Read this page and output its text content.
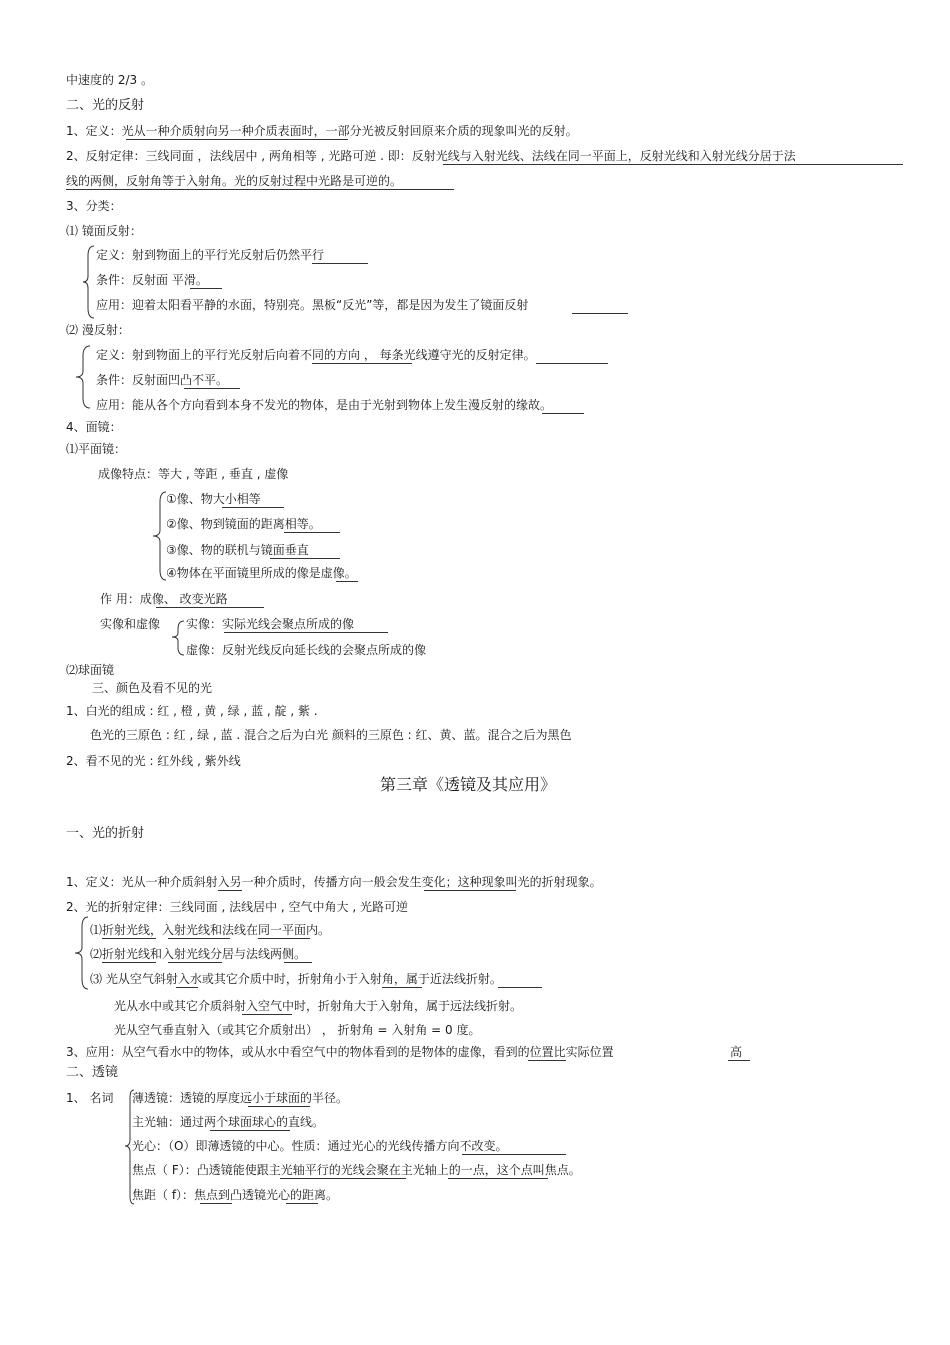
中速度的 2/3 。
二、光的反射
1、定义：光从一种介质射向另一种介质表面时，一部分光被反射回原来介质的现象叫光的反射。
2、反射定律：三线同面 ，法线居中 , 两角相等 , 光路可逆 . 即：反射光线与入射光线、法线在同一平面上，反射光线和入射光线分居于法
线的两侧，反射角等于入射角。光的反射过程中光路是可逆的。
3、分类：
⑴ 镜面反射：
定义：射到物面上的平行光反射后仍然平行
条件：反射面 平滑。
应用：迎着太阳看平静的水面，特别亮。黑板“反光”等，都是因为发生了镜面反射
⑵ 漫反射：
定义：射到物面上的平行光反射后向着不同的方向 ， 每条光线遵守光的反射定律。
条件：反射面凹凸不平。
应用：能从各个方向看到本身不发光的物体，是由于光射到物体上发生漫反射的缘故。
4、面镜：
⑴平面镜：
成像特点：等大 , 等距 , 垂直 , 虚像
①像、物大小相等
②像、物到镜面的距离相等。
③像、物的联机与镜面垂直
④物体在平面镜里所成的像是虚像。
作 用：成像、 改变光路
实像和虚像 实像：实际光线会聚点所成的像
虚像：反射光线反向延长线的会聚点所成的像
⑵球面镜
三、颜色及看不见的光
1、白光的组成 : 红 , 橙 , 黄 , 绿 , 蓝 , 靛 , 紫 .
色光的三原色 : 红 , 绿 , 蓝 . 混合之后为白光 颜料的三原色 : 红、黄、蓝。混合之后为黑色
2、看不见的光 : 红外线 , 紫外线
第三章《透镜及其应用》
一、光的折射
1、定义：光从一种介质斜射入另一种介质时，传播方向一般会发生变化；这种现象叫光的折射现象。
2、光的折射定律：三线同面 , 法线居中 , 空气中角大 , 光路可逆
⑴折射光线，入射光线和法线在同一平面内。
⑵折射光线和入射光线分居与法线两侧。
⑶ 光从空气斜射入水或其它介质中时，折射角小于入射角，属于近法线折射。
光从水中或其它介质斜射入空气中时，折射角大于入射角，属于远法线折射。
光从空气垂直射入（或其它介质射出） ， 折射角 = 入射角 = 0 度。
3、应用：从空气看水中的物体，或从水中看空气中的物体看到的是物体的虚像，看到的位置比实际位置	高
二、透镜
1、 名词 薄透镜：透镜的厚度远小于球面的半径。
主光轴：通过两个球面球心的直线。
光心：（O）即薄透镜的中心。性质：通过光心的光线传播方向不改变。
焦点（ F）：凸透镜能使跟主光轴平行的光线会聚在主光轴上的一点，这个点叫焦点。
焦距（ f）：焦点到凸透镜光心的距离。
